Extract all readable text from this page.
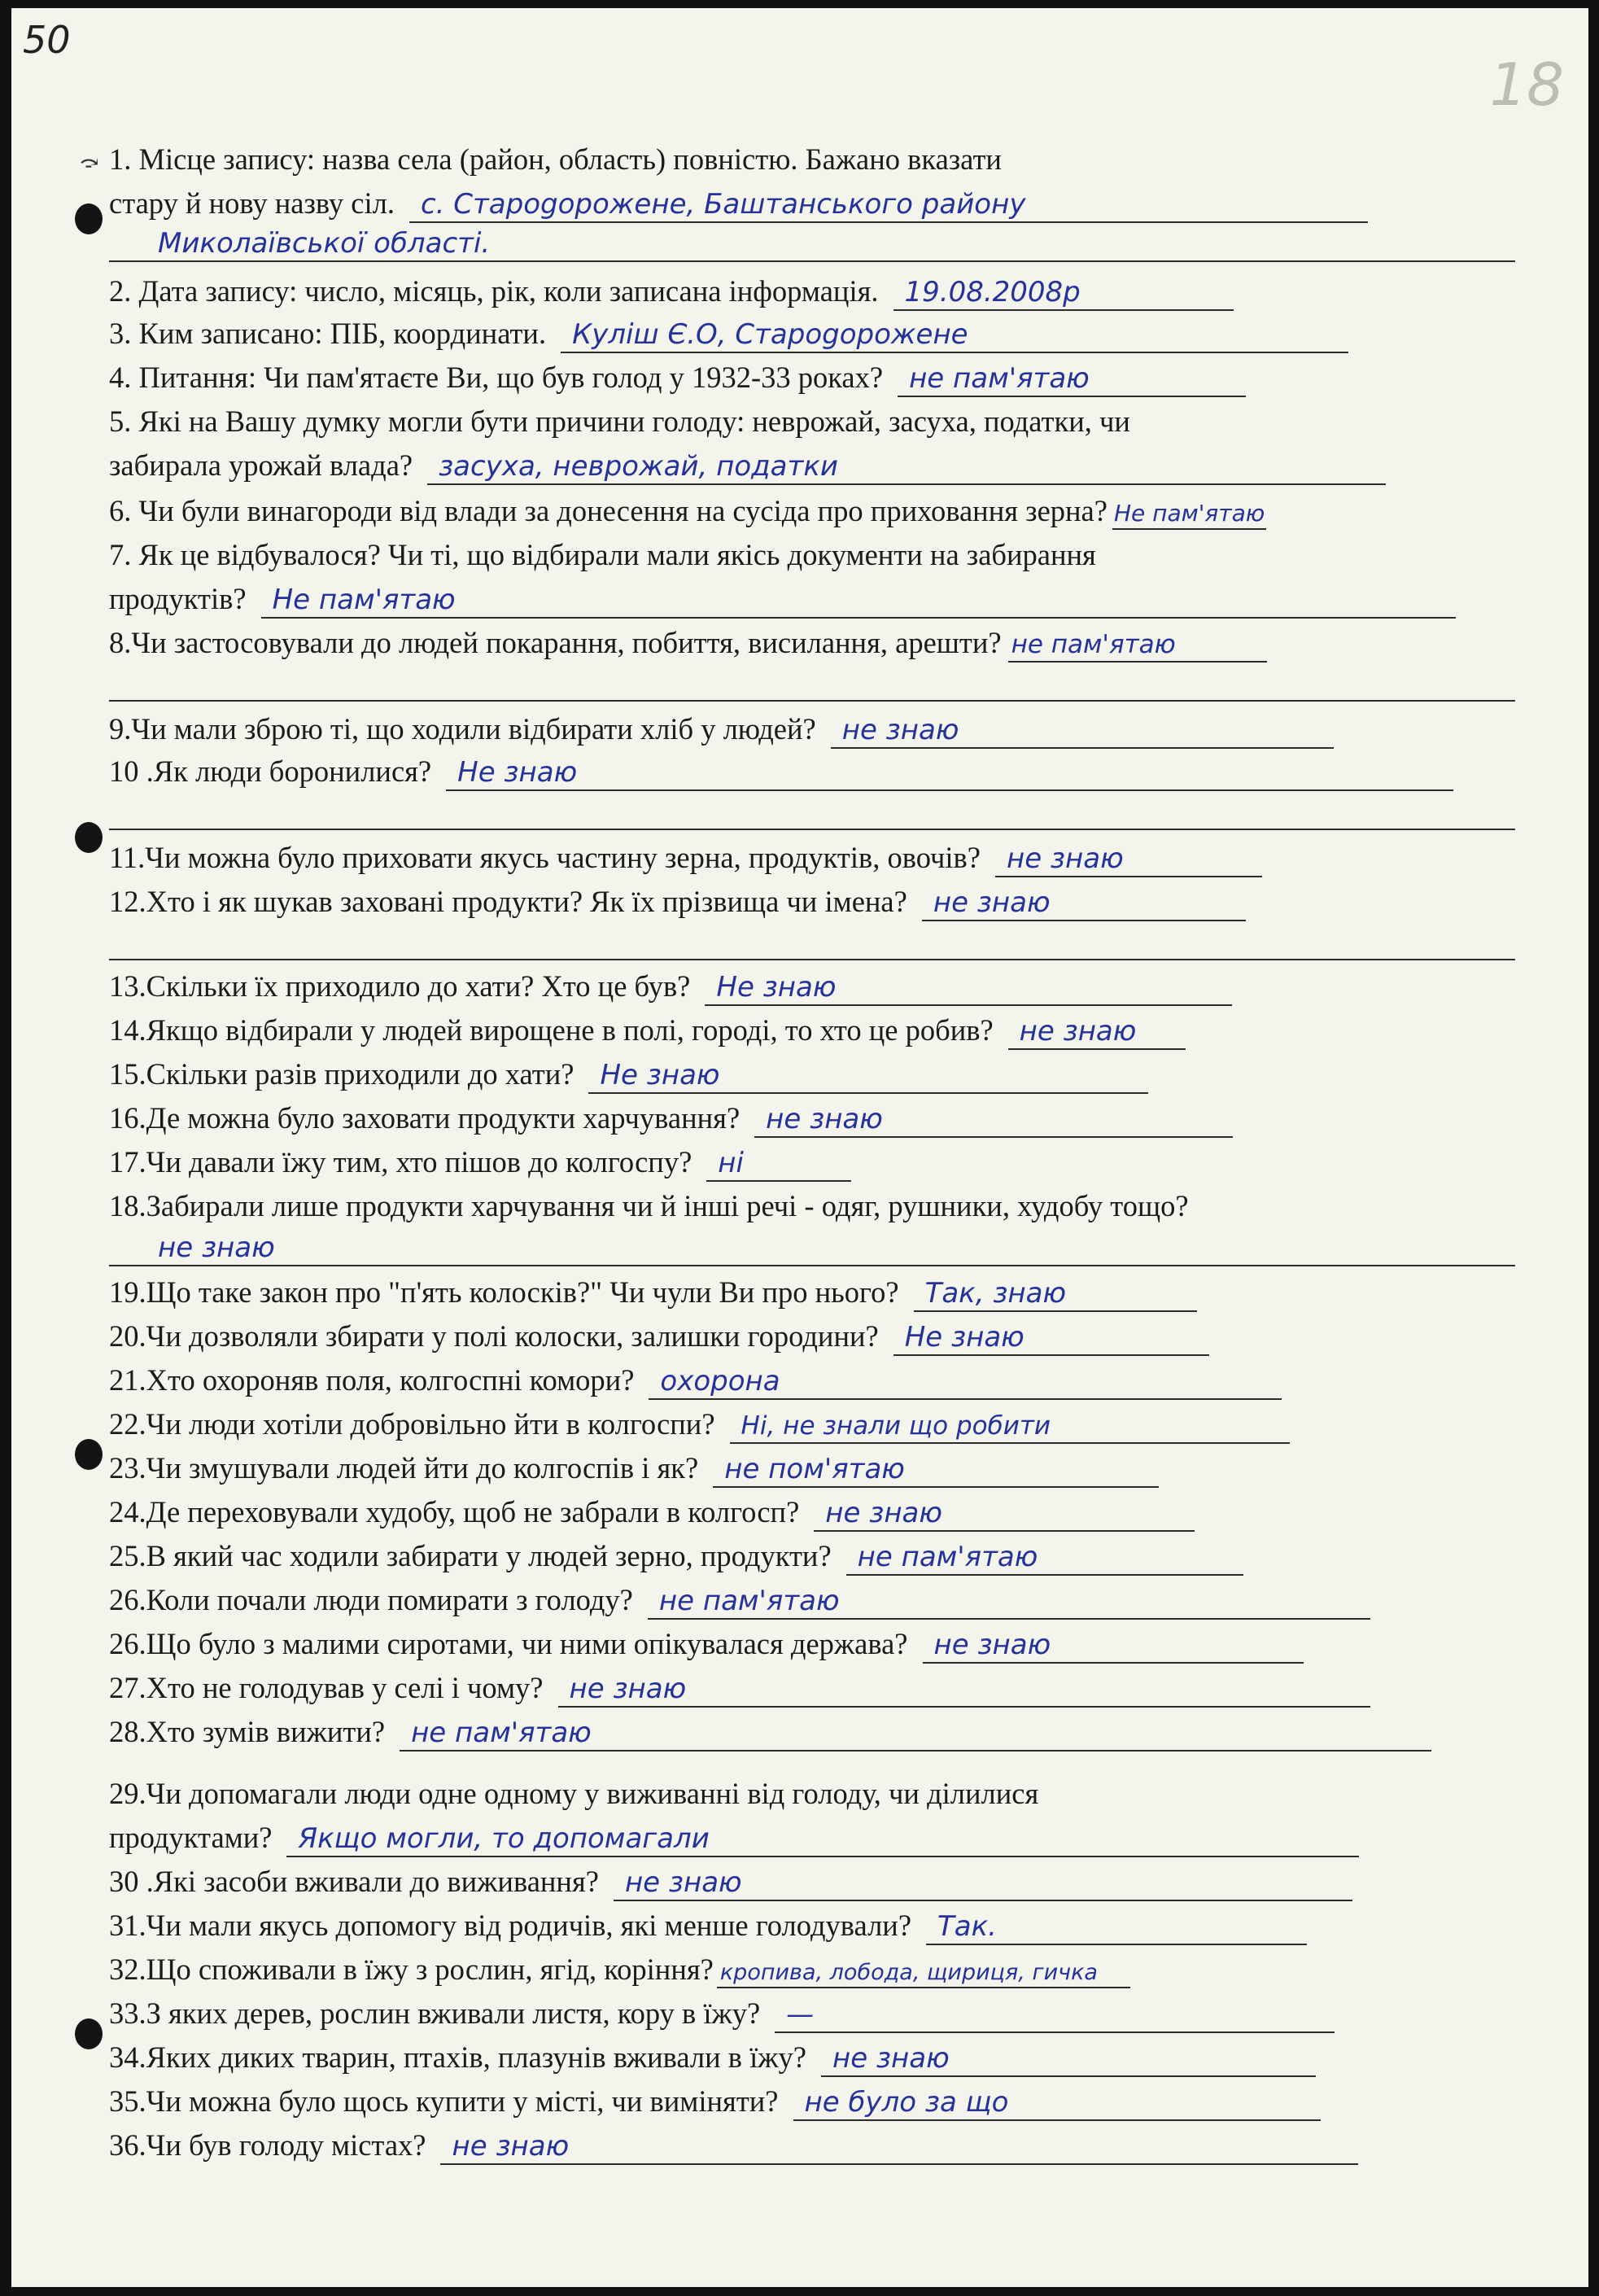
50
18
⤼ 1. Місце запису: назва села (район, область) повністю. Бажано вказати
стару й нову назву сіл. с. Староgорожене, Баштанського району
Миколаївської області.
2. Дата запису: число, місяць, рік, коли записана інформація. 19.08.2008р
3. Ким записано: ПІБ, координати. Куліш Є.О, Староgорожене
4. Питання: Чи пам'ятаєте Ви, що був голод у 1932-33 роках? не пам'ятаю
5. Які на Вашу думку могли бути причини голоду: неврожай, засуха, податки, чи
забирала урожай влада? засуха, неврожай, податки
6. Чи були винагороди від влади за донесення на сусіда про приховання зерна? Не пам'ятаю
7. Як це відбувалося? Чи ті, що відбирали мали якісь документи на забирання
продуктів? Не пам'ятаю
8.Чи застосовували до людей покарання, побиття, висилання, арешти? не пам'ятаю
9.Чи мали зброю ті, що ходили відбирати хліб у людей? не знаю
10 .Як люди боронилися? Не знаю
11.Чи можна було приховати якусь частину зерна, продуктів, овочів? не знаю
12.Хто і як шукав заховані продукти? Як їх прізвища чи імена? не знаю
13.Скільки їх приходило до хати? Хто це був? Не знаю
14.Якщо відбирали у людей вирощене в полі, городі, то хто це робив? не знаю
15.Скільки разів приходили до хати? Не знаю
16.Де можна було заховати продукти харчування? не знаю
17.Чи давали їжу тим, хто пішов до колгоспу? ні
18.Забирали лише продукти харчування чи й інші речі - одяг, рушники, худобу тощо?
не знаю
19.Що таке закон про "п'ять колосків?" Чи чули Ви про нього? Так, знаю
20.Чи дозволяли збирати у полі колоски, залишки городини? Не знаю
21.Хто охороняв поля, колгоспні комори? охорона
22.Чи люди хотіли добровільно йти в колгоспи? Ні, не знали що робити
23.Чи змушували людей йти до колгоспів і як? не пом'ятаю
24.Де переховували худобу, щоб не забрали в колгосп? не знаю
25.В який час ходили забирати у людей зерно, продукти? не пам'ятаю
26.Коли почали люди помирати з голоду? не пам'ятаю
26.Що було з малими сиротами, чи ними опікувалася держава? не знаю
27.Хто не голодував у селі і чому? не знаю
28.Хто зумів вижити? не пам'ятаю
29.Чи допомагали люди одне одному у виживанні від голоду, чи ділилися
продуктами? Якщо могли, то допомагали
30 .Які засоби вживали до виживання? не знаю
31.Чи мали якусь допомогу від родичів, які менше голодували? Так.
32.Що споживали в їжу з рослин, ягід, коріння? кропива, лобода, щириця, гичка
33.З яких дерев, рослин вживали листя, кору в їжу? —
34.Яких диких тварин, птахів, плазунів вживали в їжу? не знаю
35.Чи можна було щось купити у місті, чи виміняти? не було за що
36.Чи був голоду містах? не знаю
